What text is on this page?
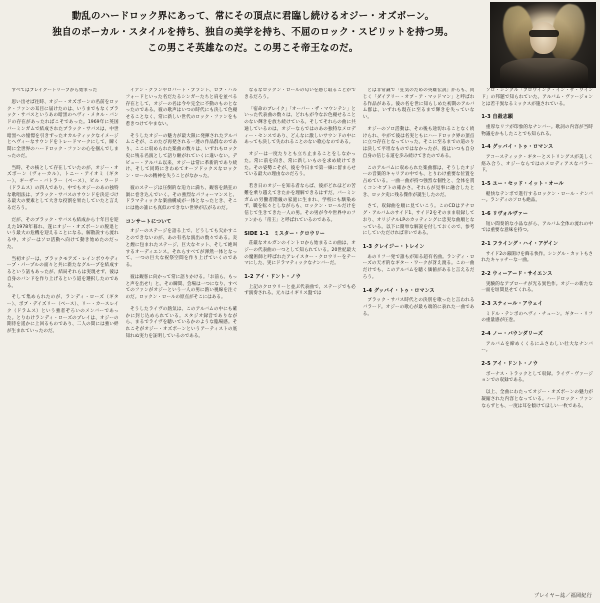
動乱のハードロック界にあって、常にその頂点に君臨し続けるオジー・オズボーン。
独自のボーカル・スタイルを持ち、独自の美学を持ち、不屈のロック・スピリットを持つ男。
この男こそ英雄なのだ。この男こそ帝王なのだ。

すべてはブレイクートリープから始まった

思い出せば往時、オジー・オズボーンの名前をロック・ファンの耳目に届けたのは、いうまでもなくブラック・サバスというあの暗黒のヘヴィ・メタル・バンドの存在があったればこそであった。1969年に英国バーミンガムで結成されたブラック・サバスは、中世暗黒への憧憬を引きずったオカルティックなイメージとヘヴィーなサウンドをトレードマークにして、瞬く間に全世界のハードロック・ファンの心を掴んでしまったのだ。

当時、その核として存在していたのが、オジー・オズボーン（ヴォーカル）、トニー・アイオミ（ギター）、ギーザー・バトラー（ベース）、ビル・ワード（ドラムス）の四人であり、中でもオジーのあの独特な歌唱法は、ブラック・サバスのサウンドを決定づける最大の要素として大きな役割を果たしていたと言えるだろう。

だが、そのブラック・サバスも結成から十年目を迎えた1978年暮れ、遂にオジー・オズボーンの脱退という最大の危機を迎えることになる。解散説すら流れる中、オジーはソロ活動へ向けて動き始めたのだった。

当初オジーは、ブラックモアズ・レインボウやディープ・パープルの面々と共に新たなグループを結成するという話もあったが、結局それらは実現せず、彼は自身のバンドを作り上げるという道を選択したのである。

そして集められたのが、ランディ・ローズ（ギター）、ボブ・デイズリー（ベース）、リー・カースレイク（ドラムス）という強者ぞろいのメンバーであった。とりわけランディ・ローズのプレイは、オジーの期待を遥かに上回るものであり、二人の間には強い絆が生まれていったのだ。

イアン・グランやロバート・プラント、ロブ・ハルフォードといった名だたるシンガーたちと肩を並べる存在として、オジーの名は今や完全に不動のものとなったのである。彼の歌声はいつの時代にも決して色褪せることなく、常に新しい世代のロック・ファンをも惹きつけてやまない。

そうしたオジーの魅力が最大限に発揮されたアルバムこそが、このたび再発される一連の作品群なのであり、ここに収められた楽曲の数々は、いずれもロック史に残る名演として語り継がれていくに違いない。デビュー・アルバム以来、オジーは常に革新的であり続け、そして同時にきわめてオーソドックスなロックン・ロールの精神を失うことがなかった。

彼のステージは圧倒的な迫力に満ち、観客を熱狂の渦に巻き込んでいく。その強烈なパフォーマンスと、ドラマティックな楽曲構成が一体となったとき、そこには他の誰にも真似のできない世界が広がるのだ。

コンサートについて

オジーのステージを語る上で、どうしても欠かすことのできないのが、あの有名な演出の数々である。炎と煙に包まれたステージ、巨大なセット、そして絶叫するオーディエンス。それらすべてが渾然一体となって、一つの巨大な祝祭空間を作り上げていくのである。

彼は観客に向かって常に語りかける。「お前ら、もっと声を出せ!」と。その瞬間、会場は一つになり、すべてのファンがオジーという一人の男に熱い視線を注ぐのだ。ロックン・ロールの原点がそこにはある。

そうしたライヴの熱気は、このアルバムの中にも確かに封じ込められている。スタジオ録音でありながら、まるでライヴを聴いているかのような臨場感。それこそがオジー・オズボーンというアーティストの底知れぬ実力を証明しているのである。

なるなロックン・ロールの匂いを感じ取ることができるだろう。

「宿命のブレイク」「オーバー・ザ・マウンテン」といった代表曲の数々は、どれもが今なお色褪せることのない輝きを放ち続けている。そしてそれらの曲に共通しているのは、オジーならではのあの独特なメロディー・センスであり、どんなに激しいサウンドの中にあっても決して失われることのない歌心なのである。

オジーは一度たりとも立ち止まることをしなかった。常に前を向き、常に新しいものを求め続けてきた。その姿勢こそが、彼を今日まで第一線に留まらせている最大の理由なのだろう。

若き日のオジーを知る者ならば、彼がどれほどの苦難を乗り越えてきたかを理解できるはずだ。バーミンガムの労働者階級の家庭に生まれ、学校にも馴染めず、職を転々としながらも、ロックン・ロールだけを信じて生きてきた一人の男。その男が今や世界中のファンから「帝王」と呼ばれているのである。

SIDE 1-1　ミスター・クロウリー

荘厳なオルガンのイントロから始まるこの曲は、オジーの代表曲の一つとして知られている。20世紀最大の魔術師と呼ばれたアレイスター・クロウリーをテーマにした、実にドラマティックなナンバーだ。

1-2 アイ・ドント・ノウ

上記のクロウリーと並ぶ代表曲で、ステージでも必ず演奏される。元々はイギリス盤では

とは非常識で「狂気のための英雄伝説」からも、同じく「ダイアリー・オブ・ア・マッドマン」と呼ばれる作品がある。彼の名を世に知らしめた初期のアルバム群は、いずれも現在に至るまで輝きを失っていない。

オジーのソロ活動は、その後も途切れることなく続けられ、やがて彼は名実ともにハードロック界の頂点に立つ存在となっていった。そこに至るまでの道のりは決して平坦なものではなかったが、彼はいつも自分自身の信じる道を歩み続けてきたのである。

このアルバムに収められた楽曲群は、そうしたオジーの音楽的キャリアの中でも、とりわけ重要な位置を占めている。一曲一曲が持つ強烈な個性と、全体を貫くコンセプトの確かさ。それらが見事に融合したとき、ロック史に残る傑作が誕生したのだ。

さて、収録曲を順に見ていこう。このCDはアナログ・アルバムのサイド1、サイド2をそのまま収録しており、オリジナルLPのカッティングに忠実な曲順となっている。以下に簡単な解説を付しておくので、参考にしていただければ幸いである。

1-3 クレイジー・トレイン

あのリフ一発で誰もが知る超有名曲。ランディ・ローズの天才的なギター・ワークが冴え渡る。この一曲だけでも、このアルバムを聴く価値があると言えるだろう。

1-4 グッバイ・トゥ・ロマンス

ブラック・サバス時代との決別を歌ったと言われるバラード。オジーの歌心が最も端的に表れた一曲である。

ソロ・シングル「ブロウイング・イン・ザ・ウインド」の邦題で知られていた。アルバム・ヴァージョンとは若干異なるミックスが施されている。

1-3 自殺志願

重厚なリフが印象的なナンバー。歌詞の内容が当時物議をかもしたことでも知られる。

1-4 グッバイ・トゥ・ロマンス

アコースティック・ギターとストリングスが美しく絡み合う、オジーならではのメロディアスなバラード。

1-5 ユー・セッド・イット・オール

軽快なテンポで進行するロックン・ロール・ナンバー。ランディのソロも絶品。

1-6 リヴォルヴァー

短い間奏的な小品ながら、アルバム全体の流れの中では重要な意味を持つ。

2-1 フライング・ハイ・アゲイン

サイド2の幕開けを飾る快作。シングル・カットもされたキャッチーな一曲。

2-2 ウィーアード・サイエンス

実験的なアプローチが光る異色作。オジーの新たな一面を垣間見せてくれる。

2-3 スティール・アウェイ

ミドル・テンポのヘヴィ・チューン。ギター・リフの重量感が圧巻。

2-4 ノー・バウンダリーズ

アルバムを締めくくるにふさわしい壮大なナンバー。

2-5 アイ・ドント・ノウ

ボーナス・トラックとして収録。ライヴ・ヴァージョンでの収録である。

以上、全曲にわたってオジー・オズボーンの魅力が凝縮された内容となっている。ハードロック・ファンならずとも、一度は耳を傾けてほしい一枚である。

プレイヤー誌／福岡紀行
